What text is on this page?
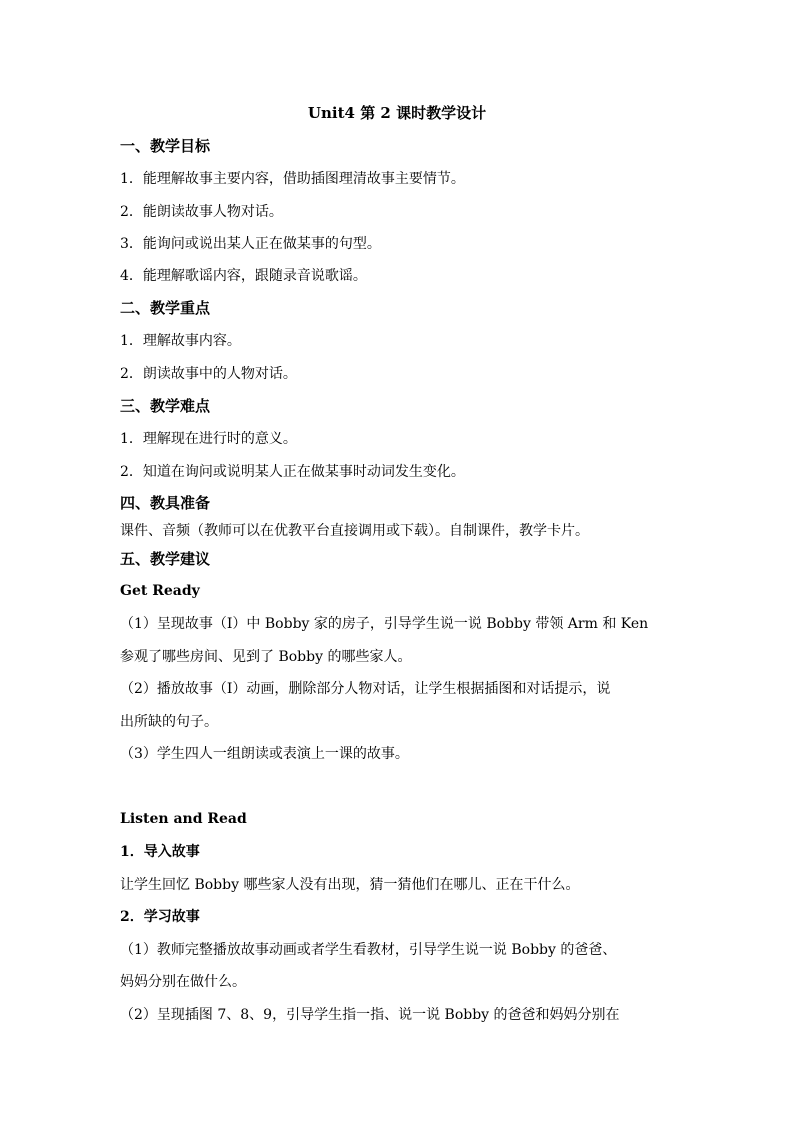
Unit4 第 2 课时教学设计
一、教学目标
1．能理解故事主要内容，借助插图理清故事主要情节。
2．能朗读故事人物对话。
3．能询问或说出某人正在做某事的句型。
4．能理解歌谣内容，跟随录音说歌谣。
二、教学重点
1．理解故事内容。
2．朗读故事中的人物对话。
三、教学难点
1．理解现在进行时的意义。
2．知道在询问或说明某人正在做某事时动词发生变化。
四、教具准备
课件、音频（教师可以在优教平台直接调用或下载）。自制课件，教学卡片。
五、教学建议
Get Ready
（1）呈现故事（I）中 Bobby 家的房子，引导学生说一说 Bobby 带领 Arm 和 Ken
参观了哪些房间、见到了 Bobby 的哪些家人。
（2）播放故事（I）动画，删除部分人物对话，让学生根据插图和对话提示，说
出所缺的句子。
（3）学生四人一组朗读或表演上一课的故事。
Listen and Read
1．导入故事
让学生回忆 Bobby 哪些家人没有出现，猜一猜他们在哪儿、正在干什么。
2．学习故事
（1）教师完整播放故事动画或者学生看教材，引导学生说一说 Bobby 的爸爸、
妈妈分别在做什么。
（2）呈现插图 7、8、9，引导学生指一指、说一说 Bobby 的爸爸和妈妈分别在
